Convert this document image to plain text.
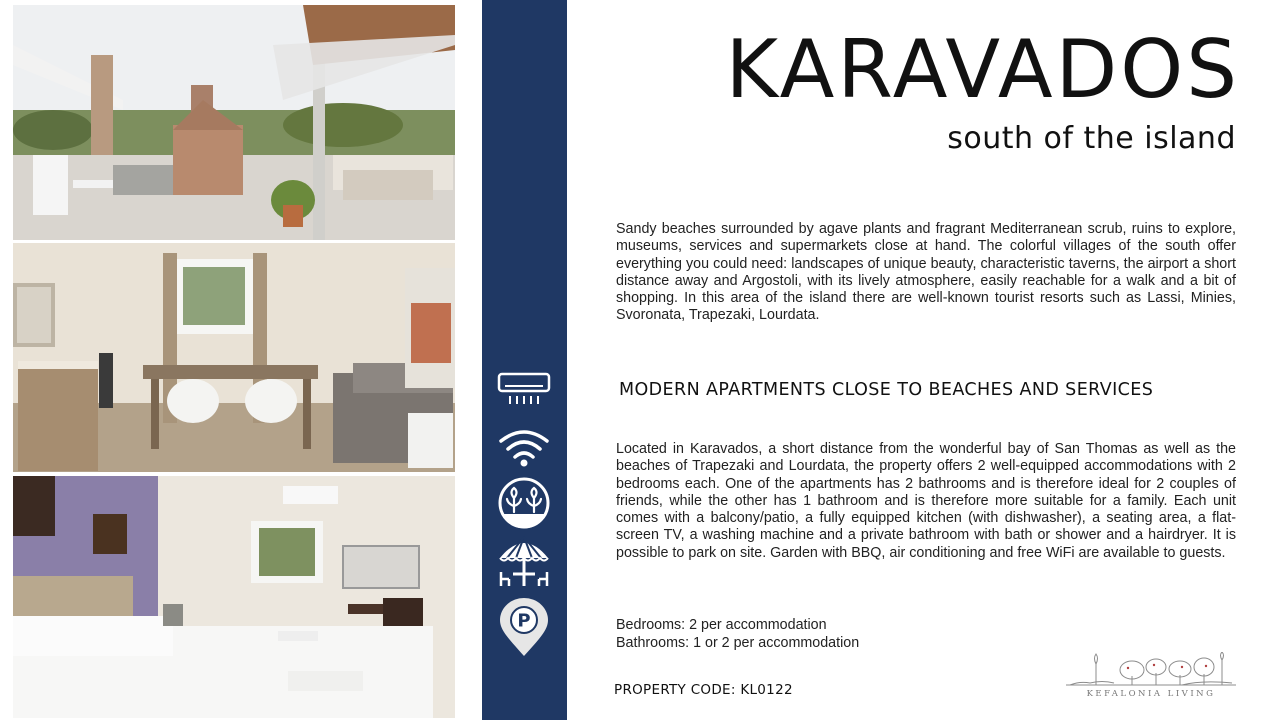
P
KARAVADOS
south of the island
Sandy beaches surrounded by agave plants and fragrant Mediterranean scrub, ruins to explore, museums, services and supermarkets close at hand. The colorful villages of the south offer everything you could need: landscapes of unique beauty, characteristic taverns, the airport a short distance away and Argostoli, with its lively atmosphere, easily reachable for a walk and a bit of shopping. In this area of the island there are well-known tourist resorts such as Lassi, Minies, Svoronata, Trapezaki, Lourdata.
MODERN APARTMENTS CLOSE TO BEACHES AND SERVICES
Located in Karavados, a short distance from the wonderful bay of San Thomas as well as the beaches of Trapezaki and Lourdata, the property offers 2 well-equipped accommodations with 2 bedrooms each. One of the apartments has 2 bathrooms and is therefore ideal for 2 couples of friends, while the other has 1 bathroom and is therefore more suitable for a family. Each unit comes with a balcony/patio, a fully equipped kitchen (with dishwasher), a seating area, a flat-screen TV, a washing machine and a private bathroom with bath or shower and a hairdryer. It is possible to park on site. Garden with BBQ, air conditioning and free WiFi are available to guests.
Bedrooms: 2 per accommodation
Bathrooms: 1 or 2 per accommodation
PROPERTY CODE: KL0122	KEFALONIA LIVING
